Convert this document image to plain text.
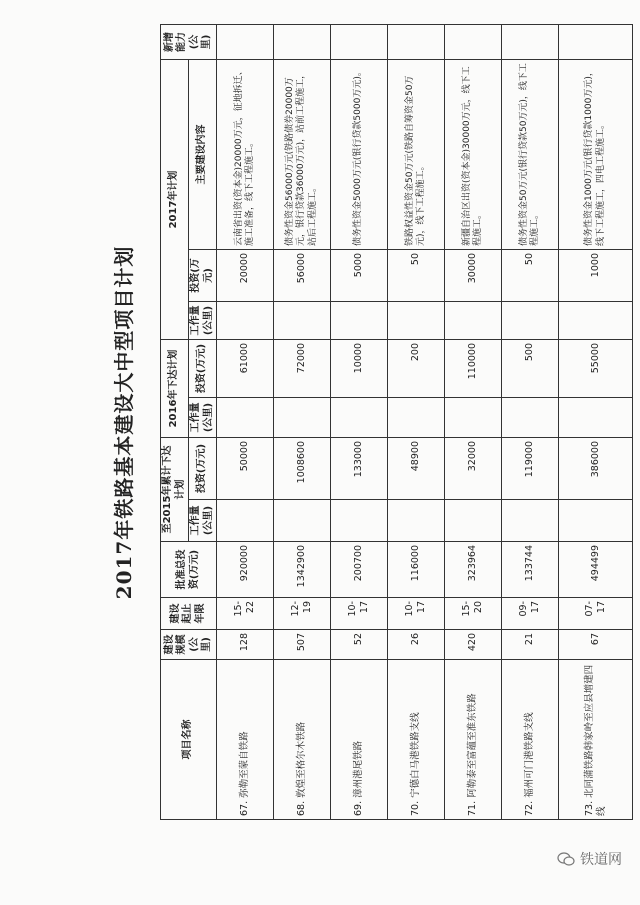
2017年铁路基本建设大中型项目计划
项目名称	建设规模(公里)	建设起止年限	批准总投资(万元)	至2015年累计下达计划		2016年下达计划		2017年计划			新增能力(公里)
				工作量(公里)	投资(万元)	工作量(公里)	投资(万元)	工作量(公里)	投资(万元)	主要建设内容	
67. 弥勒至蒙自铁路	128	15-22	920000		50000		61000		20000	云南省出资(资本金)20000万元，征地拆迁、施工准备，线下工程施工。	
68. 敦煌至格尔木铁路	507	12-19	1342900		1008600		72000		56000	债务性资金56000万元(铁路债券20000万元，银行贷款36000万元)，站前工程施工，站后工程施工。	
69. 漳州港尾铁路	52	10-17	200700		133000		10000		5000	债务性资金5000万元(银行贷款5000万元)。	
70. 宁德白马港铁路支线	26	10-17	116000		48900		200		50	铁路权益性资金50万元(铁路自筹资金50万元)，线下工程施工。	
71. 阿勒泰至富蕴至准东铁路	420	15-20	323964		32000		110000		30000	新疆自治区出资(资本金)30000万元，线下工程施工。	
72. 福州可门港铁路支线	21	09-17	133744		119000		500		50	债务性资金50万元(银行贷款50万元)，线下工程施工。	
73. 北同蒲铁路韩家岭至应县增建四线	67	07-17	494499		386000		55000		1000	债务性资金1000万元(银行贷款1000万元)，线下工程施工，四电工程施工。	
铁道网
